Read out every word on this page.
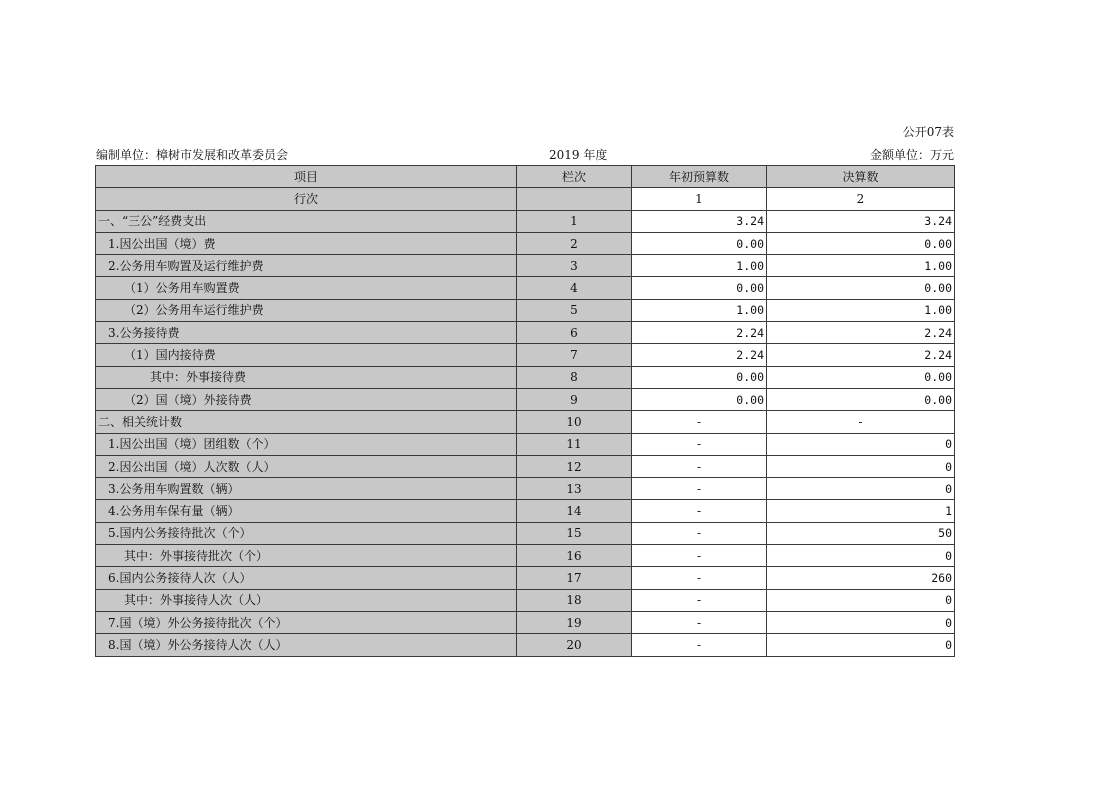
公开07表
编制单位：樟树市发展和改革委员会	2019 年度	金额单位：万元
项目	栏次	年初预算数	决算数
行次		1	2
一、“三公”经费支出	1	3.24	3.24
1.因公出国（境）费	2	0.00	0.00
2.公务用车购置及运行维护费	3	1.00	1.00
（1）公务用车购置费	4	0.00	0.00
（2）公务用车运行维护费	5	1.00	1.00
3.公务接待费	6	2.24	2.24
（1）国内接待费	7	2.24	2.24
其中：外事接待费	8	0.00	0.00
（2）国（境）外接待费	9	0.00	0.00
二、相关统计数	10	-	-
1.因公出国（境）团组数（个）	11	-	0
2.因公出国（境）人次数（人）	12	-	0
3.公务用车购置数（辆）	13	-	0
4.公务用车保有量（辆）	14	-	1
5.国内公务接待批次（个）	15	-	50
其中：外事接待批次（个）	16	-	0
6.国内公务接待人次（人）	17	-	260
其中：外事接待人次（人）	18	-	0
7.国（境）外公务接待批次（个）	19	-	0
8.国（境）外公务接待人次（人）	20	-	0
